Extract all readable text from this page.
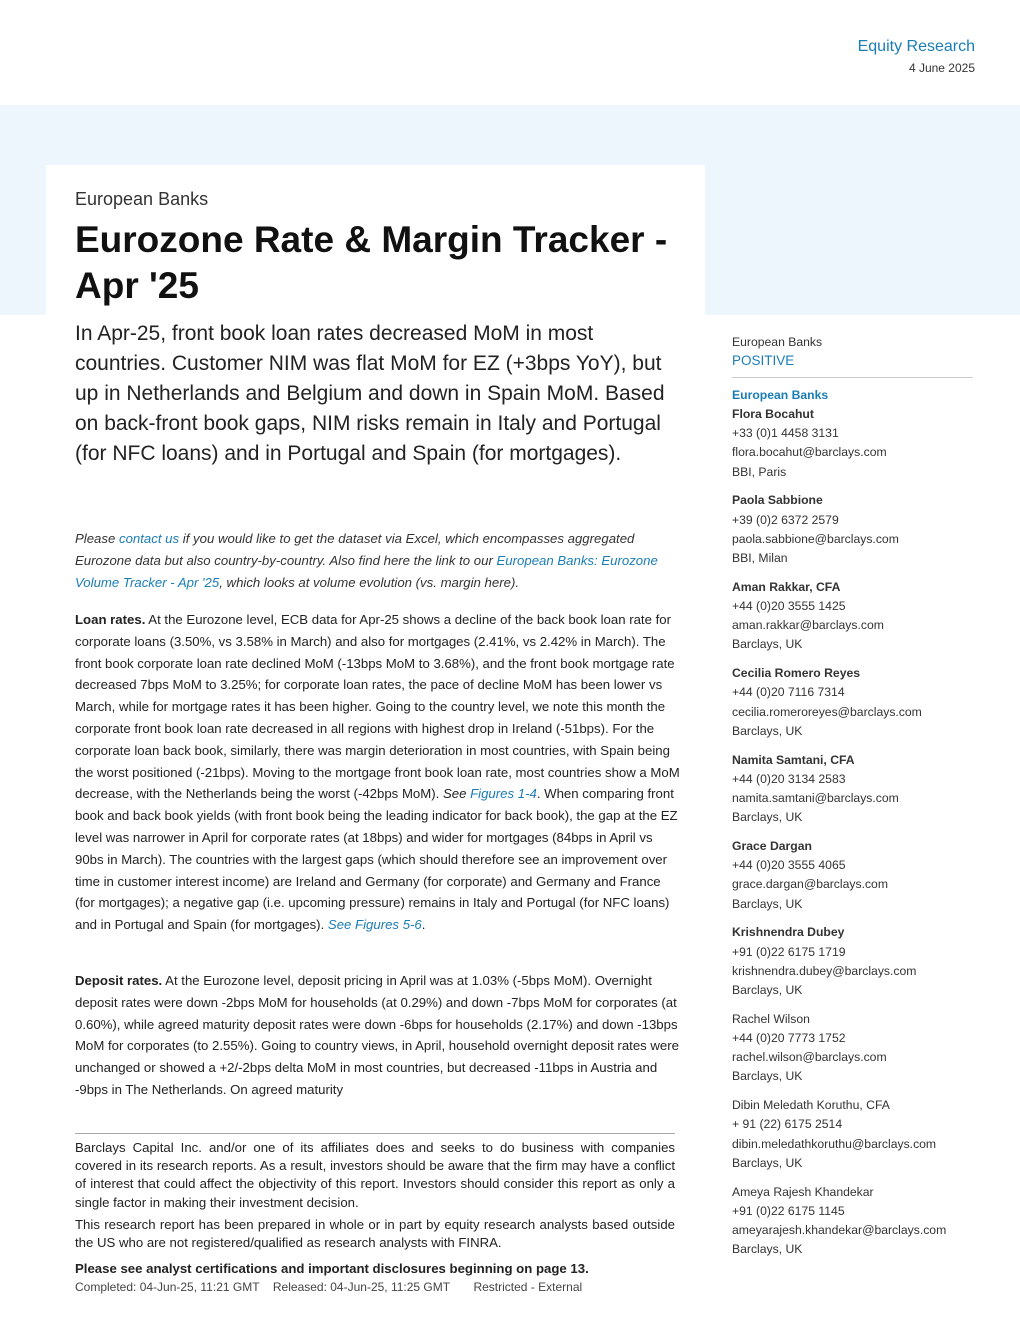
Equity Research
4 June 2025
European Banks
Eurozone Rate & Margin Tracker - Apr '25

In Apr-25, front book loan rates decreased MoM in most countries. Customer NIM was flat MoM for EZ (+3bps YoY), but up in Netherlands and Belgium and down in Spain MoM. Based on back-front book gaps, NIM risks remain in Italy and Portugal (for NFC loans) and in Portugal and Spain (for mortgages).

Please contact us if you would like to get the dataset via Excel, which encompasses aggregated Eurozone data but also country-by-country. Also find here the link to our European Banks: Eurozone Volume Tracker - Apr '25, which looks at volume evolution (vs. margin here).

Loan rates. At the Eurozone level, ECB data for Apr-25 shows a decline of the back book loan rate for corporate loans (3.50%, vs 3.58% in March) and also for mortgages (2.41%, vs 2.42% in March). The front book corporate loan rate declined MoM (-13bps MoM to 3.68%), and the front book mortgage rate decreased 7bps MoM to 3.25%; for corporate loan rates, the pace of decline MoM has been lower vs March, while for mortgage rates it has been higher. Going to the country level, we note this month the corporate front book loan rate decreased in all regions with highest drop in Ireland (-51bps). For the corporate loan back book, similarly, there was margin deterioration in most countries, with Spain being the worst positioned (-21bps). Moving to the mortgage front book loan rate, most countries show a MoM decrease, with the Netherlands being the worst (-42bps MoM). See Figures 1-4. When comparing front book and back book yields (with front book being the leading indicator for back book), the gap at the EZ level was narrower in April for corporate rates (at 18bps) and wider for mortgages (84bps in April vs 90bs in March). The countries with the largest gaps (which should therefore see an improvement over time in customer interest income) are Ireland and Germany (for corporate) and Germany and France (for mortgages); a negative gap (i.e. upcoming pressure) remains in Italy and Portugal (for NFC loans) and in Portugal and Spain (for mortgages). See Figures 5-6.

Deposit rates. At the Eurozone level, deposit pricing in April was at 1.03% (-5bps MoM). Overnight deposit rates were down -2bps MoM for households (at 0.29%) and down -7bps MoM for corporates (at 0.60%), while agreed maturity deposit rates were down -6bps for households (2.17%) and down -13bps MoM for corporates (to 2.55%). Going to country views, in April, household overnight deposit rates were unchanged or showed a +2/-2bps delta MoM in most countries, but decreased -11bps in Austria and -9bps in The Netherlands. On agreed maturity

Barclays Capital Inc. and/or one of its affiliates does and seeks to do business with companies covered in its research reports. As a result, investors should be aware that the firm may have a conflict of interest that could affect the objectivity of this report. Investors should consider this report as only a single factor in making their investment decision.

This research report has been prepared in whole or in part by equity research analysts based outside the US who are not registered/qualified as research analysts with FINRA.

Please see analyst certifications and important disclosures beginning on page 13.

Completed: 04-Jun-25, 11:21 GMT Released: 04-Jun-25, 11:25 GMT Restricted - External

European Banks
POSITIVE
European Banks
Flora Bocahut
+33 (0)1 4458 3131
flora.bocahut@barclays.com
BBI, Paris
Paola Sabbione
+39 (0)2 6372 2579
paola.sabbione@barclays.com
BBI, Milan
Aman Rakkar, CFA
+44 (0)20 3555 1425
aman.rakkar@barclays.com
Barclays, UK
Cecilia Romero Reyes
+44 (0)20 7116 7314
cecilia.romeroreyes@barclays.com
Barclays, UK
Namita Samtani, CFA
+44 (0)20 3134 2583
namita.samtani@barclays.com
Barclays, UK
Grace Dargan
+44 (0)20 3555 4065
grace.dargan@barclays.com
Barclays, UK
Krishnendra Dubey
+91 (0)22 6175 1719
krishnendra.dubey@barclays.com
Barclays, UK
Rachel Wilson
+44 (0)20 7773 1752
rachel.wilson@barclays.com
Barclays, UK
Dibin Meledath Koruthu, CFA
+ 91 (22) 6175 2514
dibin.meledathkoruthu@barclays.com
Barclays, UK
Ameya Rajesh Khandekar
+91 (0)22 6175 1145
ameyarajesh.khandekar@barclays.com
Barclays, UK
